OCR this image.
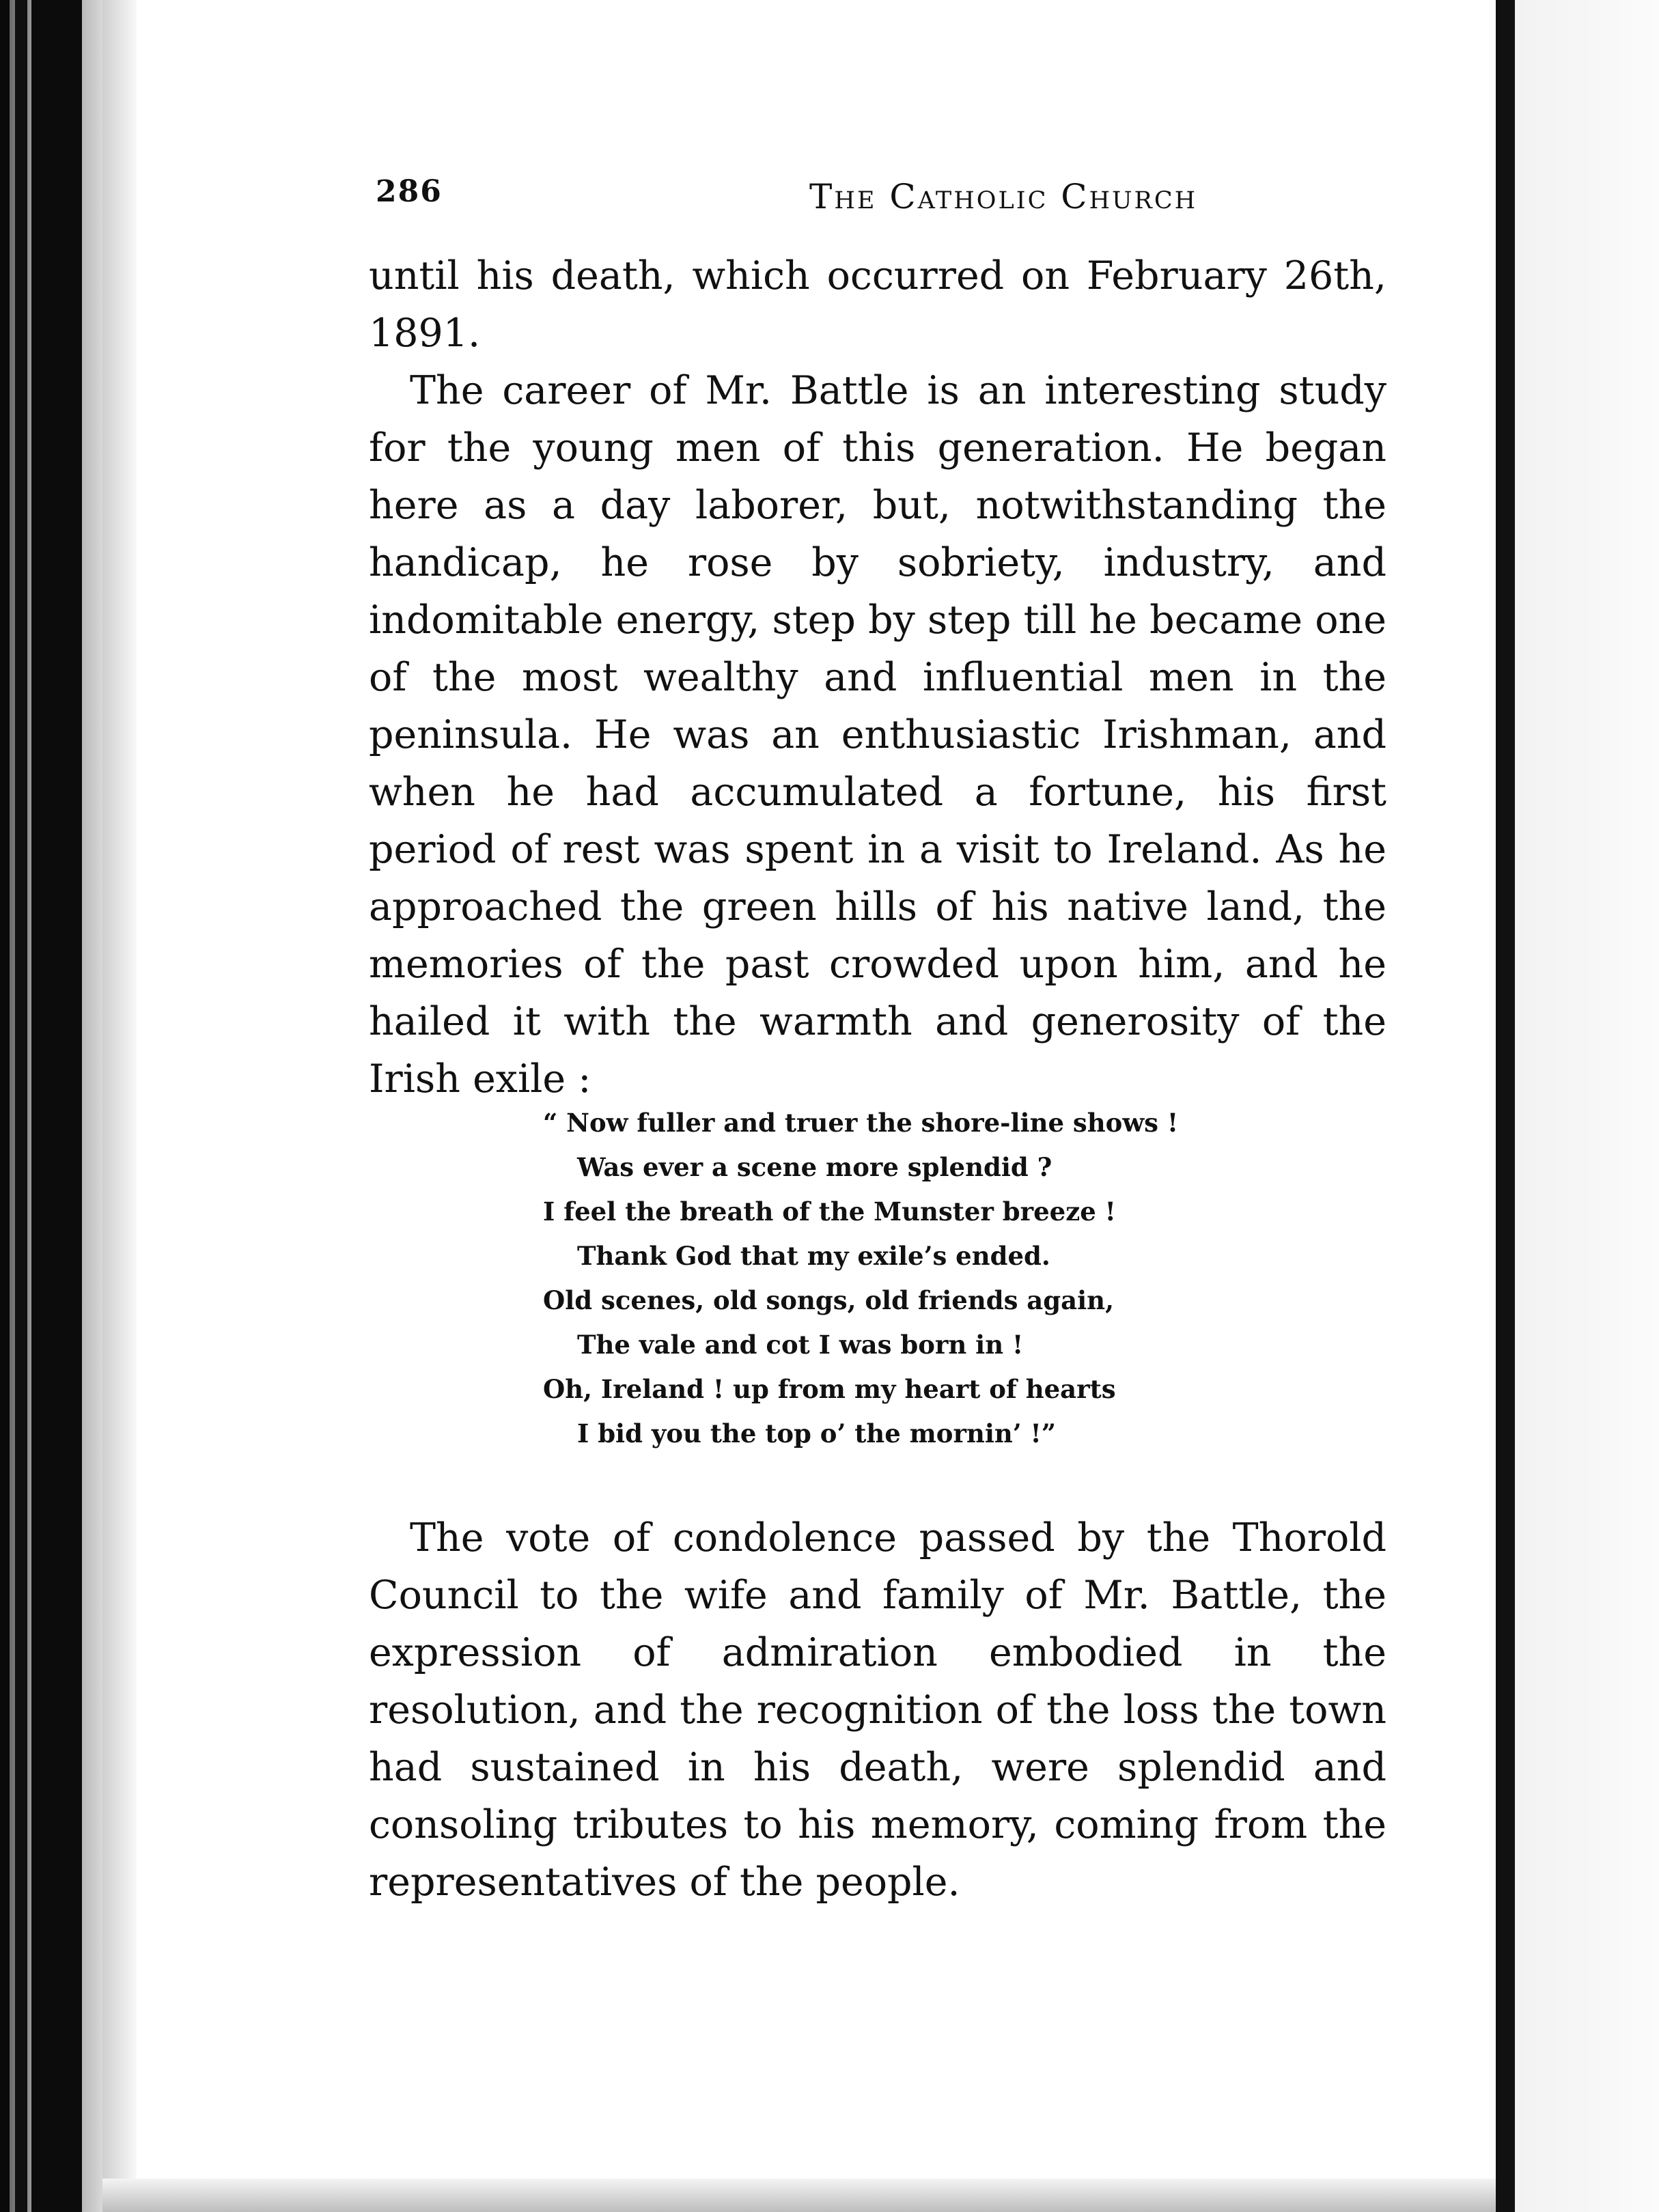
286	The Catholic Church

until his death, which occurred on February 26th, 1891.

The career of Mr. Battle is an interesting study for the young men of this generation. He began here as a day laborer, but, notwithstanding the handicap, he rose by sobriety, industry, and indomitable energy, step by step till he became one of the most wealthy and influential men in the peninsula. He was an enthusiastic Irishman, and when he had accumulated a fortune, his first period of rest was spent in a visit to Ireland. As he approached the green hills of his native land, the memories of the past crowded upon him, and he hailed it with the warmth and generosity of the Irish exile :

“ Now fuller and truer the shore-line shows !
Was ever a scene more splendid ?
I feel the breath of the Munster breeze !
Thank God that my exile’s ended.
Old scenes, old songs, old friends again,
The vale and cot I was born in !
Oh, Ireland ! up from my heart of hearts
I bid you the top o’ the mornin’ !”

The vote of condolence passed by the Thorold Council to the wife and family of Mr. Battle, the expression of admiration embodied in the resolution, and the recognition of the loss the town had sustained in his death, were splendid and consoling tributes to his memory, coming from the representatives of the people.
